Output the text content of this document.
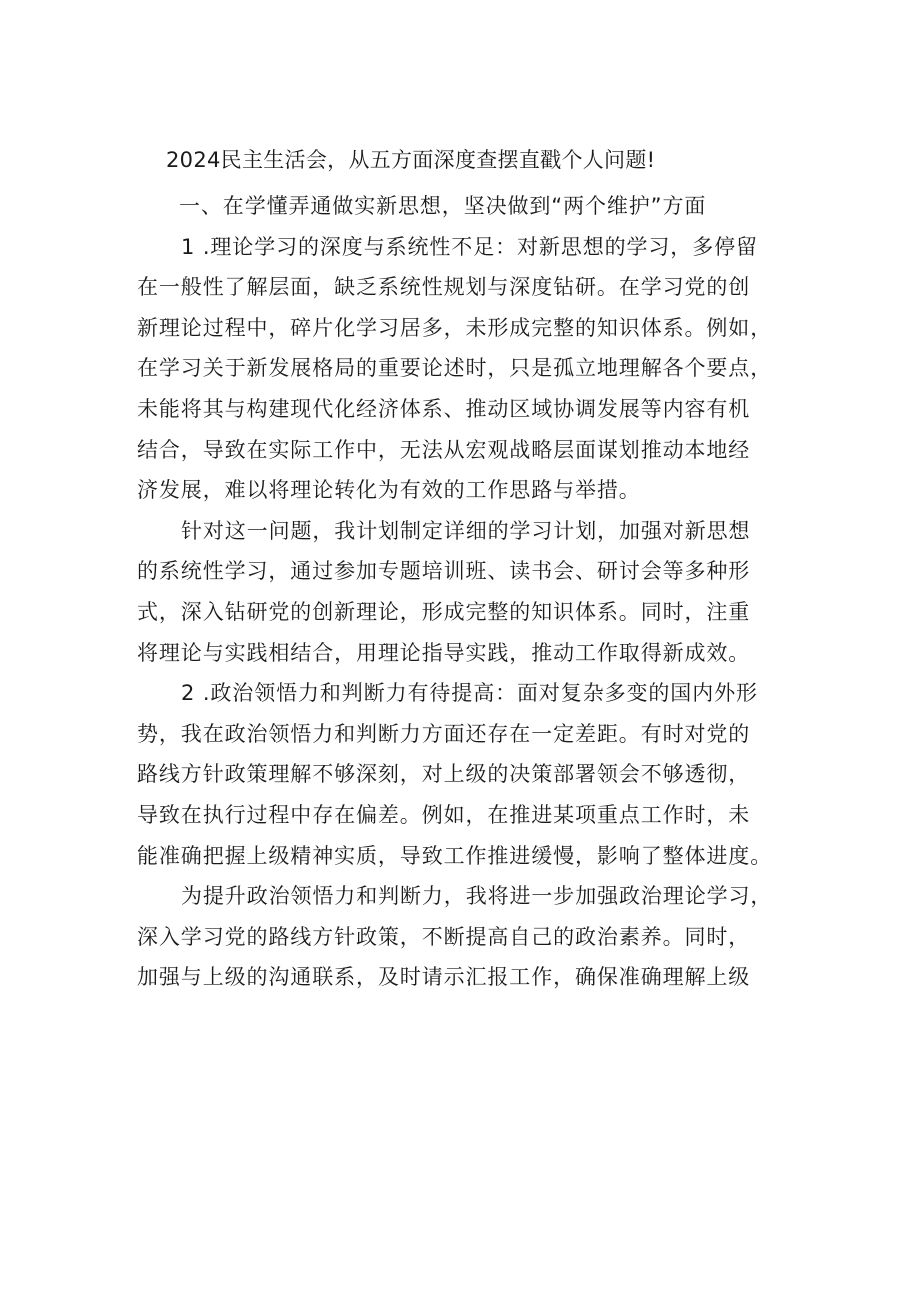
2024民主生活会，从五方面深度查摆直戳个人问题!

一、在学懂弄通做实新思想，坚决做到“两个维护”方面

1 .理论学习的深度与系统性不足：对新思想的学习，多停留
在一般性了解层面，缺乏系统性规划与深度钻研。在学习党的创
新理论过程中，碎片化学习居多，未形成完整的知识体系。例如，
在学习关于新发展格局的重要论述时，只是孤立地理解各个要点，
未能将其与构建现代化经济体系、推动区域协调发展等内容有机
结合，导致在实际工作中，无法从宏观战略层面谋划推动本地经
济发展，难以将理论转化为有效的工作思路与举措。

针对这一问题，我计划制定详细的学习计划，加强对新思想
的系统性学习，通过参加专题培训班、读书会、研讨会等多种形
式，深入钻研党的创新理论，形成完整的知识体系。同时，注重
将理论与实践相结合，用理论指导实践，推动工作取得新成效。

2 .政治领悟力和判断力有待提高：面对复杂多变的国内外形
势，我在政治领悟力和判断力方面还存在一定差距。有时对党的
路线方针政策理解不够深刻，对上级的决策部署领会不够透彻，
导致在执行过程中存在偏差。例如，在推进某项重点工作时，未
能准确把握上级精神实质，导致工作推进缓慢，影响了整体进度。

为提升政治领悟力和判断力，我将进一步加强政治理论学习，
深入学习党的路线方针政策，不断提高自己的政治素养。同时，
加强与上级的沟通联系，及时请示汇报工作，确保准确理解上级
